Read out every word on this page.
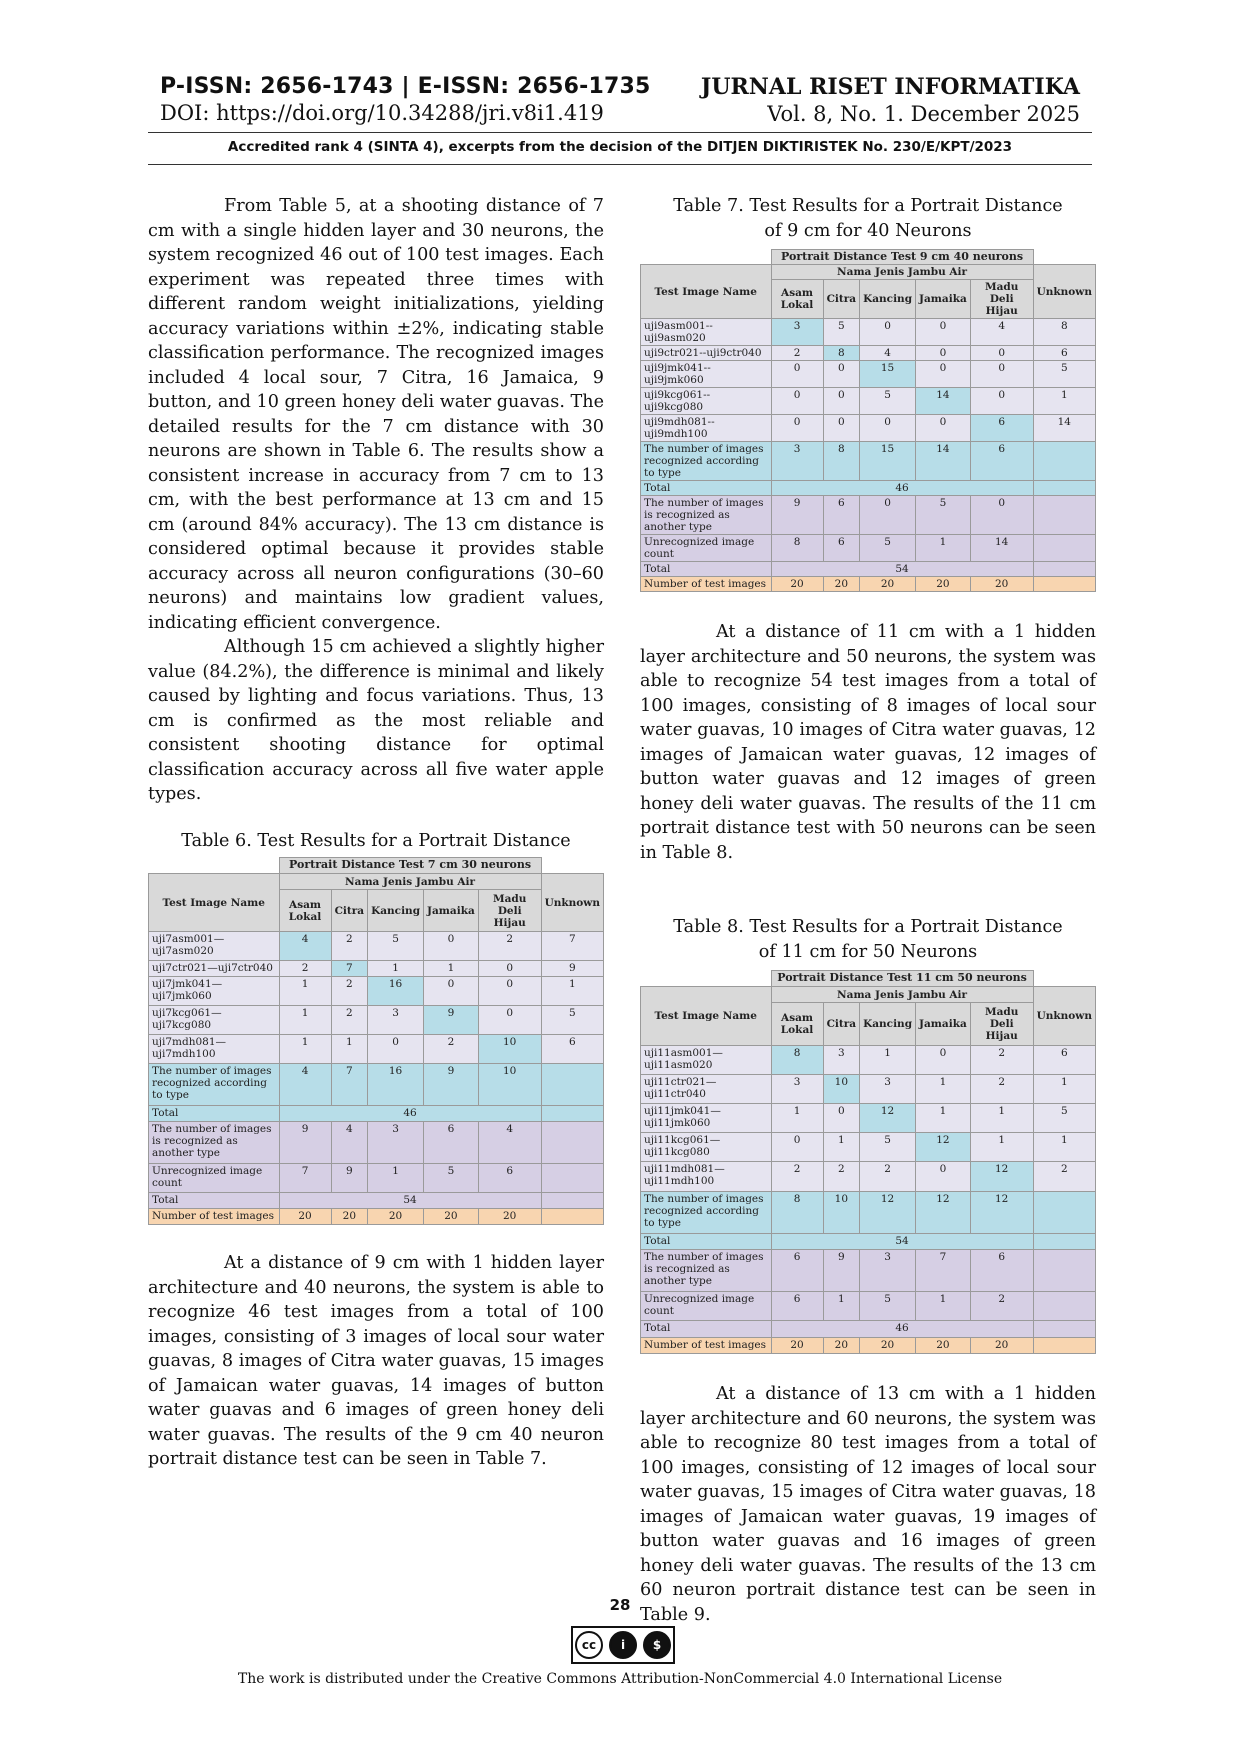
P-ISSN: 2656-1743 | E-ISSN: 2656-1735
DOI: https://doi.org/10.34288/jri.v8i1.419
JURNAL RISET INFORMATIKA
Vol. 8, No. 1. December 2025
Accredited rank 4 (SINTA 4), excerpts from the decision of the DITJEN DIKTIRISTEK No. 230/E/KPT/2023

From Table 5, at a shooting distance of 7 cm with a single hidden layer and 30 neurons, the system recognized 46 out of 100 test images. Each experiment was repeated three times with different random weight initializations, yielding accuracy variations within ±2%, indicating stable classification performance. The recognized images included 4 local sour, 7 Citra, 16 Jamaica, 9 button, and 10 green honey deli water guavas. The detailed results for the 7 cm distance with 30 neurons are shown in Table 6. The results show a consistent increase in accuracy from 7 cm to 13 cm, with the best performance at 13 cm and 15 cm (around 84% accuracy). The 13 cm distance is considered optimal because it provides stable accuracy across all neuron configurations (30–60 neurons) and maintains low gradient values, indicating efficient convergence.

Although 15 cm achieved a slightly higher value (84.2%), the difference is minimal and likely caused by lighting and focus variations. Thus, 13 cm is confirmed as the most reliable and consistent shooting distance for optimal classification accuracy across all five water apple types.

Table 6. Test Results for a Portrait Distance

	Portrait Distance Test 7 cm 30 neurons					
Test Image Name	Nama Jenis Jambu Air					Unknown
	Asam Lokal	Citra	Kancing	Jamaika	Madu Deli Hijau	
uji7asm001— uji7asm020	4	2	5	0	2	7
uji7ctr021—uji7ctr040	2	7	1	1	0	9
uji7jmk041—uji7jmk060	1	2	16	0	0	1
uji7kcg061—uji7kcg080	1	2	3	9	0	5
uji7mdh081— uji7mdh100	1	1	0	2	10	6
The number of images recognized according to type	4	7	16	9	10	
Total	46					
The number of images is recognized as another type	9	4	3	6	4	
Unrecognized image count	7	9	1	5	6	
Total	54					
Number of test images	20	20	20	20	20	

At a distance of 9 cm with 1 hidden layer architecture and 40 neurons, the system is able to recognize 46 test images from a total of 100 images, consisting of 3 images of local sour water guavas, 8 images of Citra water guavas, 15 images of Jamaican water guavas, 14 images of button water guavas and 6 images of green honey deli water guavas. The results of the 9 cm 40 neuron portrait distance test can be seen in Table 7.

Table 7. Test Results for a Portrait Distance

of 9 cm for 40 Neurons

	Portrait Distance Test 9 cm 40 neurons					
Test Image Name	Nama Jenis Jambu Air					Unknown
	Asam Lokal	Citra	Kancing	Jamaika	Madu Deli Hijau	
uji9asm001--uji9asm020	3	5	0	0	4	8
uji9ctr021--uji9ctr040	2	8	4	0	0	6
uji9jmk041--uji9jmk060	0	0	15	0	0	5
uji9kcg061--uji9kcg080	0	0	5	14	0	1
uji9mdh081--uji9mdh100	0	0	0	0	6	14
The number of images recognized according to type	3	8	15	14	6	
Total	46					
The number of images is recognized as another type	9	6	0	5	0	
Unrecognized image count	8	6	5	1	14	
Total	54					
Number of test images	20	20	20	20	20	

At a distance of 11 cm with a 1 hidden layer architecture and 50 neurons, the system was able to recognize 54 test images from a total of 100 images, consisting of 8 images of local sour water guavas, 10 images of Citra water guavas, 12 images of Jamaican water guavas, 12 images of button water guavas and 12 images of green honey deli water guavas. The results of the 11 cm portrait distance test with 50 neurons can be seen in Table 8.

Table 8. Test Results for a Portrait Distance

of 11 cm for 50 Neurons

	Portrait Distance Test 11 cm 50 neurons					
Test Image Name	Nama Jenis Jambu Air					Unknown
	Asam Lokal	Citra	Kancing	Jamaika	Madu Deli Hijau	
uji11asm001— uji11asm020	8	3	1	0	2	6
uji11ctr021— uji11ctr040	3	10	3	1	2	1
uji11jmk041— uji11jmk060	1	0	12	1	1	5
uji11kcg061— uji11kcg080	0	1	5	12	1	1
uji11mdh081— uji11mdh100	2	2	2	0	12	2
The number of images recognized according to type	8	10	12	12	12	
Total	54					
The number of images is recognized as another type	6	9	3	7	6	
Unrecognized image count	6	1	5	1	2	
Total	46					
Number of test images	20	20	20	20	20	

At a distance of 13 cm with a 1 hidden layer architecture and 60 neurons, the system was able to recognize 80 test images from a total of 100 images, consisting of 12 images of local sour water guavas, 15 images of Citra water guavas, 18 images of Jamaican water guavas, 19 images of button water guavas and 16 images of green honey deli water guavas. The results of the 13 cm 60 neuron portrait distance test can be seen in Table 9.

28
cc	i	$
The work is distributed under the Creative Commons Attribution-NonCommercial 4.0 International License
